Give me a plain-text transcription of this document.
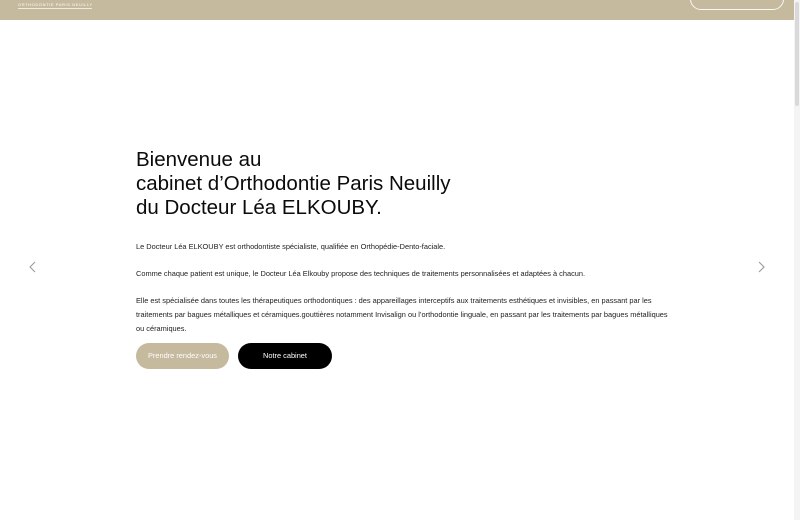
ORTHODONTIE PARIS NEUILLY
Bienvenue au
cabinet d’Orthodontie Paris Neuilly
du Docteur Léa ELKOUBY.

Le Docteur Léa ELKOUBY est orthodontiste spécialiste, qualifiée en Orthopédie-Dento-faciale.

Comme chaque patient est unique, le Docteur Léa Elkouby propose des techniques de traitements personnalisées et adaptées à chacun.

Elle est spécialisée dans toutes les thérapeutiques orthodontiques : des appareillages interceptifs aux traitements esthétiques et invisibles, en passant par les traitements par bagues métalliques et céramiques.gouttières notamment Invisalign ou l’orthodontie linguale, en passant par les traitements par bagues métalliques ou céramiques.

Prendre rendez-vous	Notre cabinet
